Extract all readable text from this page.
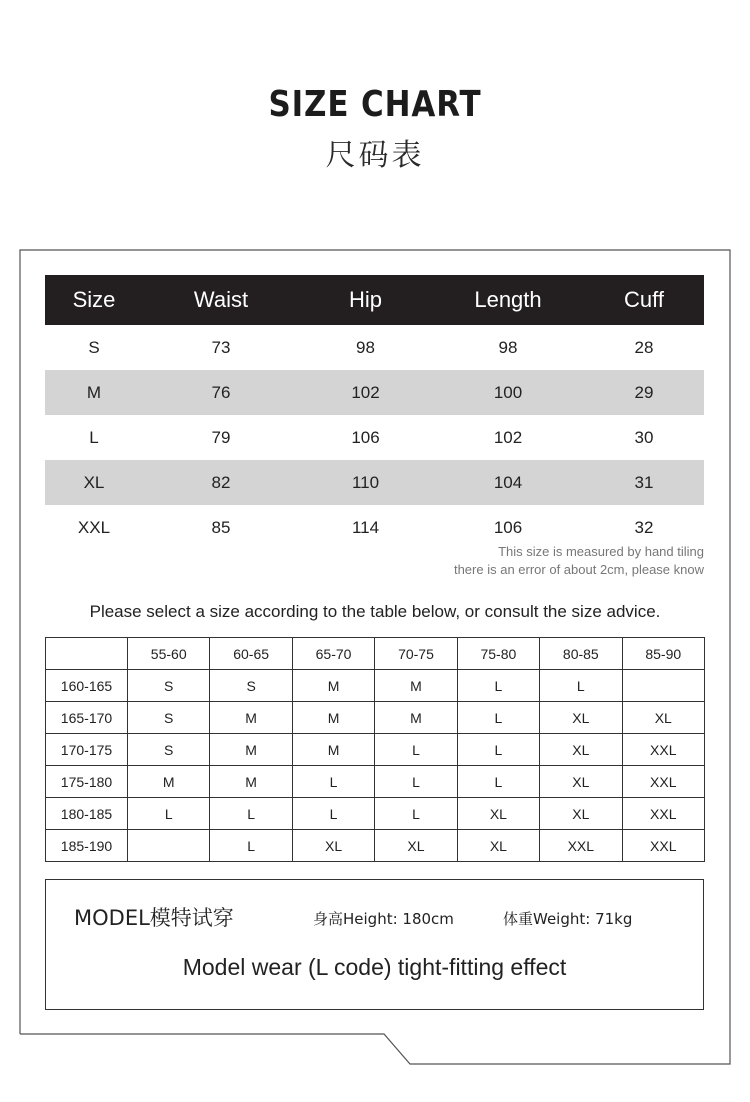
SIZE CHART
尺码表
Size	Waist	Hip	Length	Cuff
S	73	98	98	28
M	76	102	100	29
L	79	106	102	30
XL	82	110	104	31
XXL	85	114	106	32
This size is measured by hand tiling
there is an error of about 2cm, please know
Please select a size according to the table below, or consult the size advice.
	55-60	60-65	65-70	70-75	75-80	80-85	85-90
160-165	S	S	M	M	L	L	
165-170	S	M	M	M	L	XL	XL
170-175	S	M	M	L	L	XL	XXL
175-180	M	M	L	L	L	XL	XXL
180-185	L	L	L	L	XL	XL	XXL
185-190		L	XL	XL	XL	XXL	XXL
MODEL模特试穿	身高Height: 180cm	体重Weight: 71kg
Model wear (L code) tight-fitting effect
